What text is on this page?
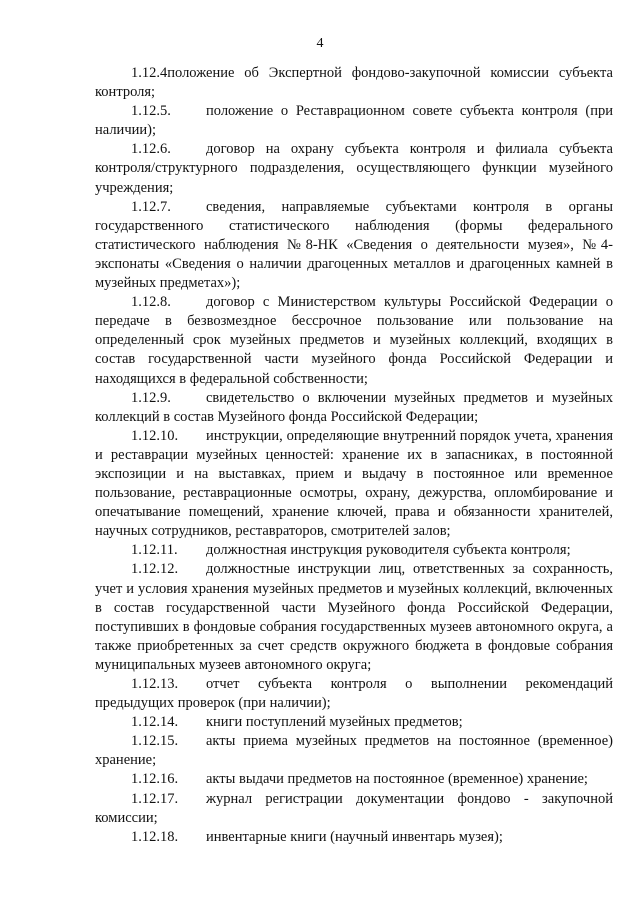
4

1.12.4положение об Экспертной фондово-закупочной комиссии субъекта контроля;

1.12.5. положение о Реставрационном совете субъекта контроля (при наличии);

1.12.6. договор на охрану субъекта контроля и филиала субъекта контроля/структурного подразделения, осуществляющего функции музейного учреждения;

1.12.7. сведения, направляемые субъектами контроля в органы государственного статистического наблюдения (формы федерального статистического наблюдения №8-НК «Сведения о деятельности музея», №4-экспонаты «Сведения о наличии драгоценных металлов и драгоценных камней в музейных предметах»);

1.12.8. договор с Министерством культуры Российской Федерации о передаче в безвозмездное бессрочное пользование или пользование на определенный срок музейных предметов и музейных коллекций, входящих в состав государственной части музейного фонда Российской Федерации и находящихся в федеральной собственности;

1.12.9. свидетельство о включении музейных предметов и музейных коллекций в состав Музейного фонда Российской Федерации;

1.12.10. инструкции, определяющие внутренний порядок учета, хранения и реставрации музейных ценностей: хранение их в запасниках, в постоянной экспозиции и на выставках, прием и выдачу в постоянное или временное пользование, реставрационные осмотры, охрану, дежурства, опломбирование и опечатывание помещений, хранение ключей, права и обязанности хранителей, научных сотрудников, реставраторов, смотрителей залов;

1.12.11. должностная инструкция руководителя субъекта контроля;

1.12.12. должностные инструкции лиц, ответственных за сохранность, учет и условия хранения музейных предметов и музейных коллекций, включенных в состав государственной части Музейного фонда Российской Федерации, поступивших в фондовые собрания государственных музеев автономного округа, а также приобретенных за счет средств окружного бюджета в фондовые собрания муниципальных музеев автономного округа;

1.12.13. отчет субъекта контроля о выполнении рекомендаций предыдущих проверок (при наличии);

1.12.14. книги поступлений музейных предметов;

1.12.15. акты приема музейных предметов на постоянное (временное) хранение;

1.12.16. акты выдачи предметов на постоянное (временное) хранение;

1.12.17. журнал регистрации документации фондово - закупочной комиссии;

1.12.18. инвентарные книги (научный инвентарь музея);
